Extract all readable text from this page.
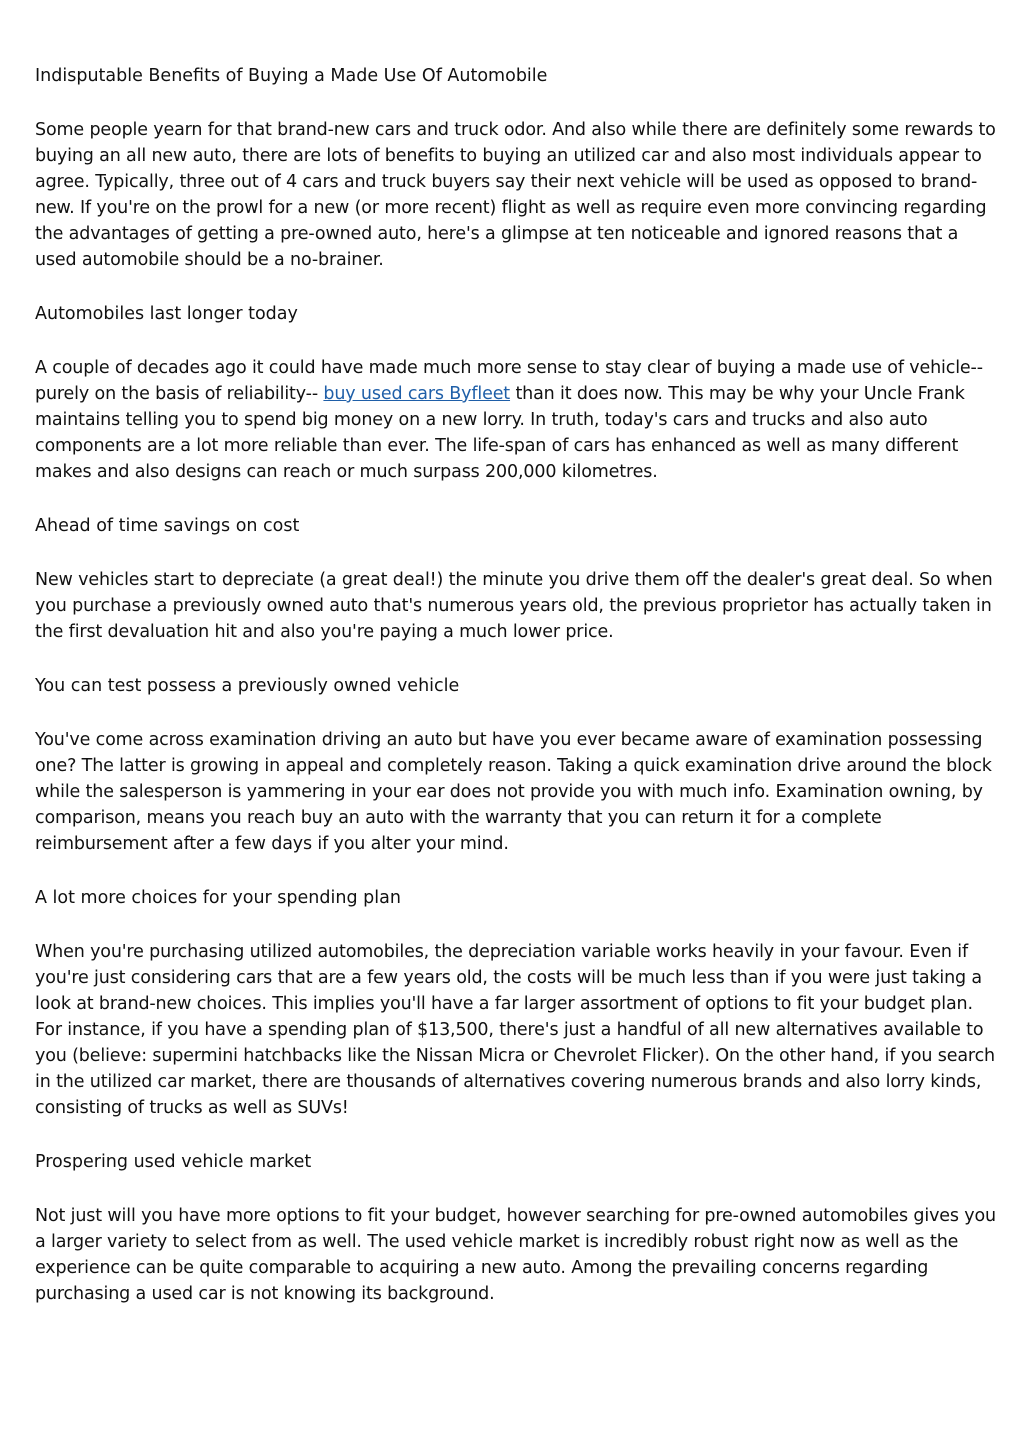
Indisputable Benefits of Buying a Made Use Of Automobile

Some people yearn for that brand-new cars and truck odor. And also while there are definitely some rewards to buying an all new auto, there are lots of benefits to buying an utilized car and also most individuals appear to agree. Typically, three out of 4 cars and truck buyers say their next vehicle will be used as opposed to brand-new. If you're on the prowl for a new (or more recent) flight as well as require even more convincing regarding the advantages of getting a pre-owned auto, here's a glimpse at ten noticeable and ignored reasons that a used automobile should be a no-brainer.

Automobiles last longer today

A couple of decades ago it could have made much more sense to stay clear of buying a made use of vehicle-- purely on the basis of reliability-- buy used cars Byfleet than it does now. This may be why your Uncle Frank maintains telling you to spend big money on a new lorry. In truth, today's cars and trucks and also auto components are a lot more reliable than ever. The life-span of cars has enhanced as well as many different makes and also designs can reach or much surpass 200,000 kilometres.

Ahead of time savings on cost

New vehicles start to depreciate (a great deal!) the minute you drive them off the dealer's great deal. So when you purchase a previously owned auto that's numerous years old, the previous proprietor has actually taken in the first devaluation hit and also you're paying a much lower price.

You can test possess a previously owned vehicle

You've come across examination driving an auto but have you ever became aware of examination possessing one? The latter is growing in appeal and completely reason. Taking a quick examination drive around the block while the salesperson is yammering in your ear does not provide you with much info. Examination owning, by comparison, means you reach buy an auto with the warranty that you can return it for a complete reimbursement after a few days if you alter your mind.

A lot more choices for your spending plan

When you're purchasing utilized automobiles, the depreciation variable works heavily in your favour. Even if you're just considering cars that are a few years old, the costs will be much less than if you were just taking a look at brand-new choices. This implies you'll have a far larger assortment of options to fit your budget plan. For instance, if you have a spending plan of $13,500, there's just a handful of all new alternatives available to you (believe: supermini hatchbacks like the Nissan Micra or Chevrolet Flicker). On the other hand, if you search in the utilized car market, there are thousands of alternatives covering numerous brands and also lorry kinds, consisting of trucks as well as SUVs!

Prospering used vehicle market

Not just will you have more options to fit your budget, however searching for pre-owned automobiles gives you a larger variety to select from as well. The used vehicle market is incredibly robust right now as well as the experience can be quite comparable to acquiring a new auto. Among the prevailing concerns regarding purchasing a used car is not knowing its background.
